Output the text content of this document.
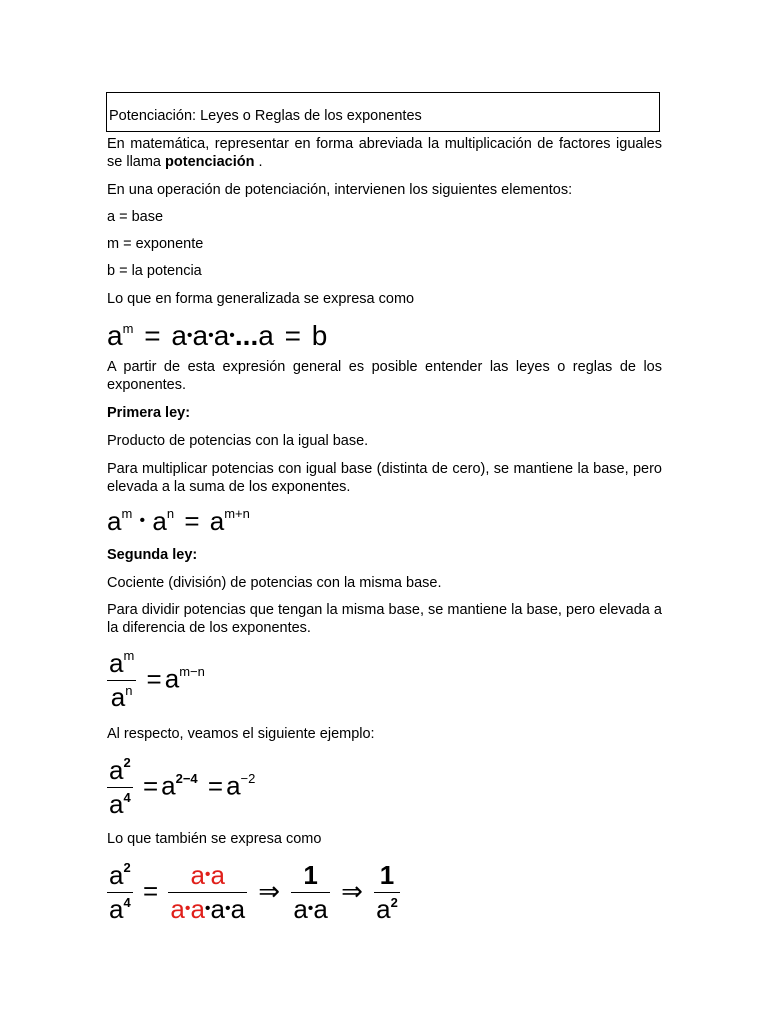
Potenciación: Leyes o Reglas de los exponentes
En matemática, representar en forma abreviada la multiplicación de factores iguales se llama potenciación .
En una operación de potenciación, intervienen los siguientes elementos:
a = base
m = exponente
b = la potencia
Lo que en forma generalizada se expresa como
$a^m$ = a•a•a•...a = b
A partir de esta expresión general es posible entender las leyes o reglas de los exponentes.
Primera ley:
Producto de potencias con la igual base.
Para multiplicar potencias con igual base (distinta de cero), se mantiene la base, pero elevada a la suma de los exponentes.
$a^m$ • $a^n = a^{m+n}$
Segunda ley:
Cociente (división) de potencias con la misma base.
Para dividir potencias que tengan la misma base, se mantiene la base, pero elevada a la diferencia de los exponentes.
$\frac{a^m}{a^n} = a^{m-n}$
Al respecto, veamos el siguiente ejemplo:
$\frac{a^2}{a^4} = a^{2-4} = a^{-2}$
Lo que también se expresa como
$\frac{a^2}{a^4} = \frac{a•a}{a•a•a•a}$ ⇒ $\frac{1}{a•a}$ ⇒ $\frac{1}{a^2}$
